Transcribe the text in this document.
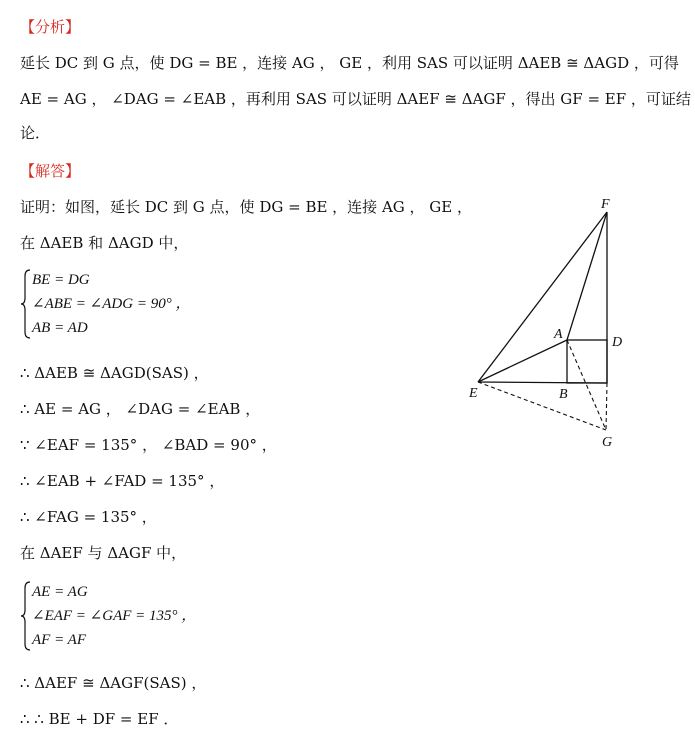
【分析】
延长 DC 到 G 点，使 DG = BE ，连接 AG ， GE ，利用 SAS 可以证明 ΔAEB ≅ ΔAGD ，可得
AE = AG ， ∠DAG = ∠EAB ，再利用 SAS 可以证明 ΔAEF ≅ ΔAGF ，得出 GF = EF ，可证结
论．
【解答】
证明：如图，延长 DC 到 G 点，使 DG = BE ，连接 AG ， GE ，
在 ΔAEB 和 ΔAGD 中，
BE = DG
∠ABE = ∠ADG = 90° ，
AB = AD
∴ ΔAEB ≅ ΔAGD(SAS) ，
∴ AE = AG ， ∠DAG = ∠EAB ，
∵ ∠EAF = 135° ， ∠BAD = 90° ，
∴ ∠EAB + ∠FAD = 135° ，
∴ ∠FAG = 135° ，
在 ΔAEF 与 ΔAGF 中，
AE = AG
∠EAF = ∠GAF = 135° ，
AF = AF
∴ ΔAEF ≅ ΔAGF(SAS) ，
∴ ∴ BE + DF = EF ．
F
A
D
E	B
G
